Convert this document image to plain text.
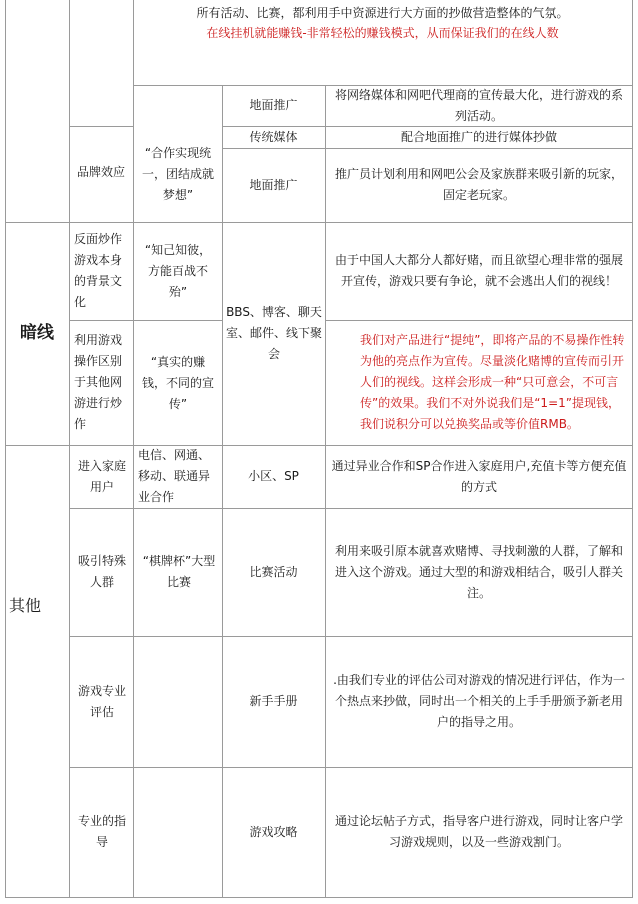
所有活动、比赛，都利用手中资源进行大方面的抄做营造整体的气氛。
在线挂机就能赚钱-非常轻松的赚钱模式，从而保证我们的在线人数
品牌效应
“合作实现统一，团结成就梦想”
地面推广
将网络媒体和网吧代理商的宣传最大化，进行游戏的系列活动。
传统媒体	配合地面推广的进行媒体抄做
地面推广
推广员计划利用和网吧公会及家族群来吸引新的玩家，固定老玩家。
暗线
反面炒作游戏本身的背景文化
“知己知彼，方能百战不殆”
BBS、博客、聊天室、邮件、线下聚会
由于中国人大都分人都好赌，而且欲望心理非常的强展开宣传，游戏只要有争论，就不会逃出人们的视线！
利用游戏操作区别于其他网游进行炒作
“真实的赚钱，不同的宣传”
我们对产品进行“提纯”，即将产品的不易操作性转为他的亮点作为宣传。尽量淡化赌博的宣传而引开人们的视线。这样会形成一种“只可意会，不可言传”的效果。我们不对外说我们是“1=1”提现钱，我们说积分可以兑换奖品或等价值RMB。
其他
进入家庭用户
电信、网通、移动、联通异业合作
小区、SP
通过异业合作和SP合作进入家庭用户,充值卡等方便充值的方式
吸引特殊人群
“棋牌杯”大型比赛
比赛活动
利用来吸引原本就喜欢赌博、寻找刺激的人群，了解和进入这个游戏。通过大型的和游戏相结合，吸引人群关注。
游戏专业评估
新手手册
.由我们专业的评估公司对游戏的情况进行评估，作为一个热点来抄做，同时出一个相关的上手手册颁予新老用户的指导之用。
专业的指导
游戏攻略
通过论坛帖子方式，指导客户进行游戏，同时让客户学习游戏规则，以及一些游戏割门。
